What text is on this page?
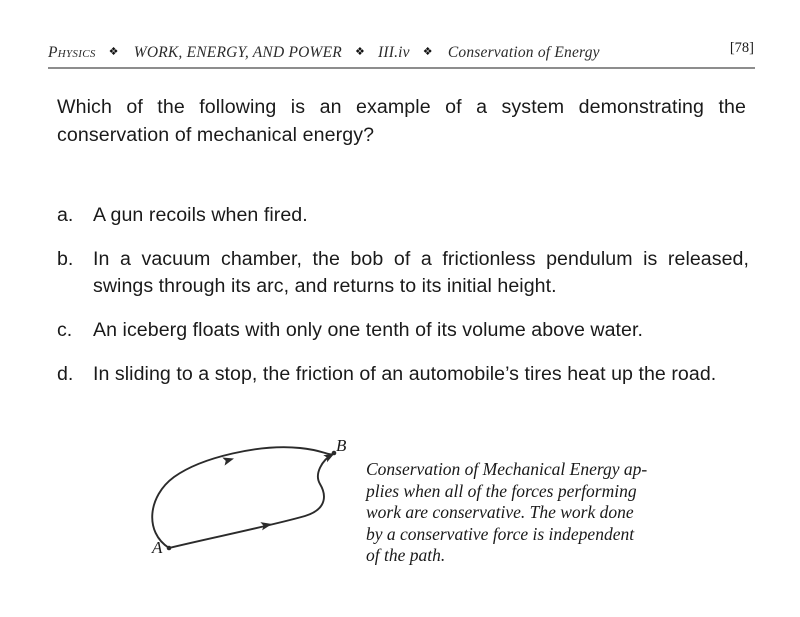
Physics ❖ WORK, ENERGY, AND POWER ❖ III.iv ❖ Conservation of Energy	[78]
Which of the following is an example of a system demonstrating the conservation of mechanical energy?
a.	A gun recoils when fired.
b.	In a vacuum chamber, the bob of a frictionless pendulum is released, swings through its arc, and returns to its initial height.
c.	An iceberg floats with only one tenth of its volume above water.
d.	In sliding to a stop, the friction of an automobile’s tires heat up the road.
A
B
Conservation of Mechanical Energy ap-
plies when all of the forces performing
work are conservative. The work done
by a conservative force is independent
of the path.
